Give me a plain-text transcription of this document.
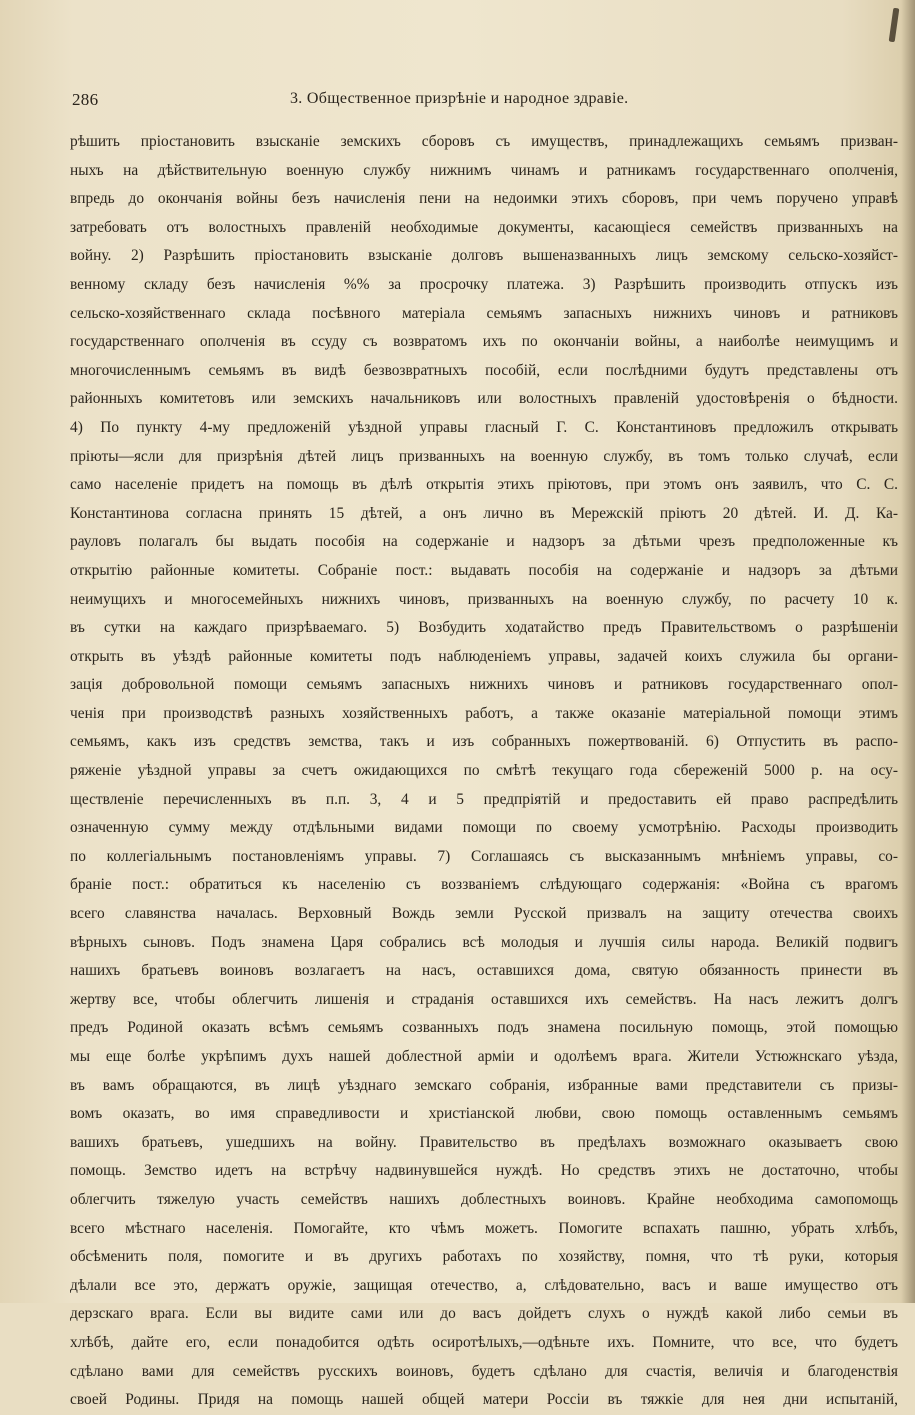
286	3. Общественное призрѣніе и народное здравіе.
рѣшить пріостановить взысканіе земскихъ сборовъ съ имуществъ, принадлежащихъ семьямъ призван-
ныхъ на дѣйствительную военную службу нижнимъ чинамъ и ратникамъ государственнаго ополченія,
впредь до окончанія войны безъ начисленія пени на недоимки этихъ сборовъ, при чемъ поручено управѣ
затребовать отъ волостныхъ правленій необходимые документы, касающіеся семействъ призванныхъ на
войну. 2) Разрѣшить пріостановить взысканіе долговъ вышеназванныхъ лицъ земскому сельско-хозяйст-
венному складу безъ начисленія %% за просрочку платежа. 3) Разрѣшить производить отпускъ изъ
сельско-хозяйственнаго склада посѣвного матеріала семьямъ запасныхъ нижнихъ чиновъ и ратниковъ
государственнаго ополченія въ ссуду съ возвратомъ ихъ по окончаніи войны, а наиболѣе неимущимъ и
многочисленнымъ семьямъ въ видѣ безвозвратныхъ пособій, если послѣдними будутъ представлены отъ
районныхъ комитетовъ или земскихъ начальниковъ или волостныхъ правленій удостовѣренія о бѣдности.
4) По пункту 4-му предложеній уѣздной управы гласный Г. С. Константиновъ предложилъ открывать
пріюты—ясли для призрѣнія дѣтей лицъ призванныхъ на военную службу, въ томъ только случаѣ, если
само населеніе придетъ на помощь въ дѣлѣ открытія этихъ пріютовъ, при этомъ онъ заявилъ, что С. С.
Константинова согласна принять 15 дѣтей, а онъ лично въ Мережскій пріютъ 20 дѣтей. И. Д. Ка-
рауловъ полагалъ бы выдать пособія на содержаніе и надзоръ за дѣтьми чрезъ предположенные къ
открытію районные комитеты. Собраніе пост.: выдавать пособія на содержаніе и надзоръ за дѣтьми
неимущихъ и многосемейныхъ нижнихъ чиновъ, призванныхъ на военную службу, по расчету 10 к.
въ сутки на каждаго призрѣваемаго. 5) Возбудить ходатайство предъ Правительствомъ о разрѣшеніи
открыть въ уѣздѣ районные комитеты подъ наблюденіемъ управы, задачей коихъ служила бы органи-
зація добровольной помощи семьямъ запасныхъ нижнихъ чиновъ и ратниковъ государственнаго опол-
ченія при производствѣ разныхъ хозяйственныхъ работъ, а также оказаніе матеріальной помощи этимъ
семьямъ, какъ изъ средствъ земства, такъ и изъ собранныхъ пожертвованій. 6) Отпустить въ распо-
ряженіе уѣздной управы за счетъ ожидающихся по смѣтѣ текущаго года сбереженій 5000 р. на осу-
ществленіе перечисленныхъ въ п.п. 3, 4 и 5 предпріятій и предоставить ей право распредѣлить
означенную сумму между отдѣльными видами помощи по своему усмотрѣнію. Расходы производить
по коллегіальнымъ постановленіямъ управы. 7) Соглашаясь съ высказаннымъ мнѣніемъ управы, со-
браніе пост.: обратиться къ населенію съ воззваніемъ слѣдующаго содержанія: «Война съ врагомъ
всего славянства началась. Верховный Вождь земли Русской призвалъ на защиту отечества своихъ
вѣрныхъ сыновъ. Подъ знамена Царя собрались всѣ молодыя и лучшія силы народа. Великій подвигъ
нашихъ братьевъ воиновъ возлагаетъ на насъ, оставшихся дома, святую обязанность принести въ
жертву все, чтобы облегчить лишенія и страданія оставшихся ихъ семействъ. На насъ лежитъ долгъ
предъ Родиной оказать всѣмъ семьямъ созванныхъ подъ знамена посильную помощь, этой помощью
мы еще болѣе укрѣпимъ духъ нашей доблестной арміи и одолѣемъ врага. Жители Устюжнскаго уѣзда,
въ вамъ обращаются, въ лицѣ уѣзднаго земскаго собранія, избранные вами представители съ призы-
вомъ оказать, во имя справедливости и христіанской любви, свою помощь оставленнымъ семьямъ
вашихъ братьевъ, ушедшихъ на войну. Правительство въ предѣлахъ возможнаго оказываетъ свою
помощь. Земство идетъ на встрѣчу надвинувшейся нуждѣ. Но средствъ этихъ не достаточно, чтобы
облегчить тяжелую участь семействъ нашихъ доблестныхъ воиновъ. Крайне необходима самопомощь
всего мѣстнаго населенія. Помогайте, кто чѣмъ можетъ. Помогите вспахать пашню, убрать хлѣбъ,
обсѣменить поля, помогите и въ другихъ работахъ по хозяйству, помня, что тѣ руки, которыя
дѣлали все это, держатъ оружіе, защищая отечество, а, слѣдовательно, васъ и ваше имущество отъ
дерзскаго врага. Если вы видите сами или до васъ дойдетъ слухъ о нуждѣ какой либо семьи въ
хлѣбѣ, дайте его, если понадобится одѣть осиротѣлыхъ,—одѣньте ихъ. Помните, что все, что будетъ
сдѣлано вами для семействъ русскихъ воиновъ, будетъ сдѣлано для счастія, величія и благоденствія
своей Родины. Придя на помощь нашей общей матери Россіи въ тяжкіе для нея дни испытаній,
